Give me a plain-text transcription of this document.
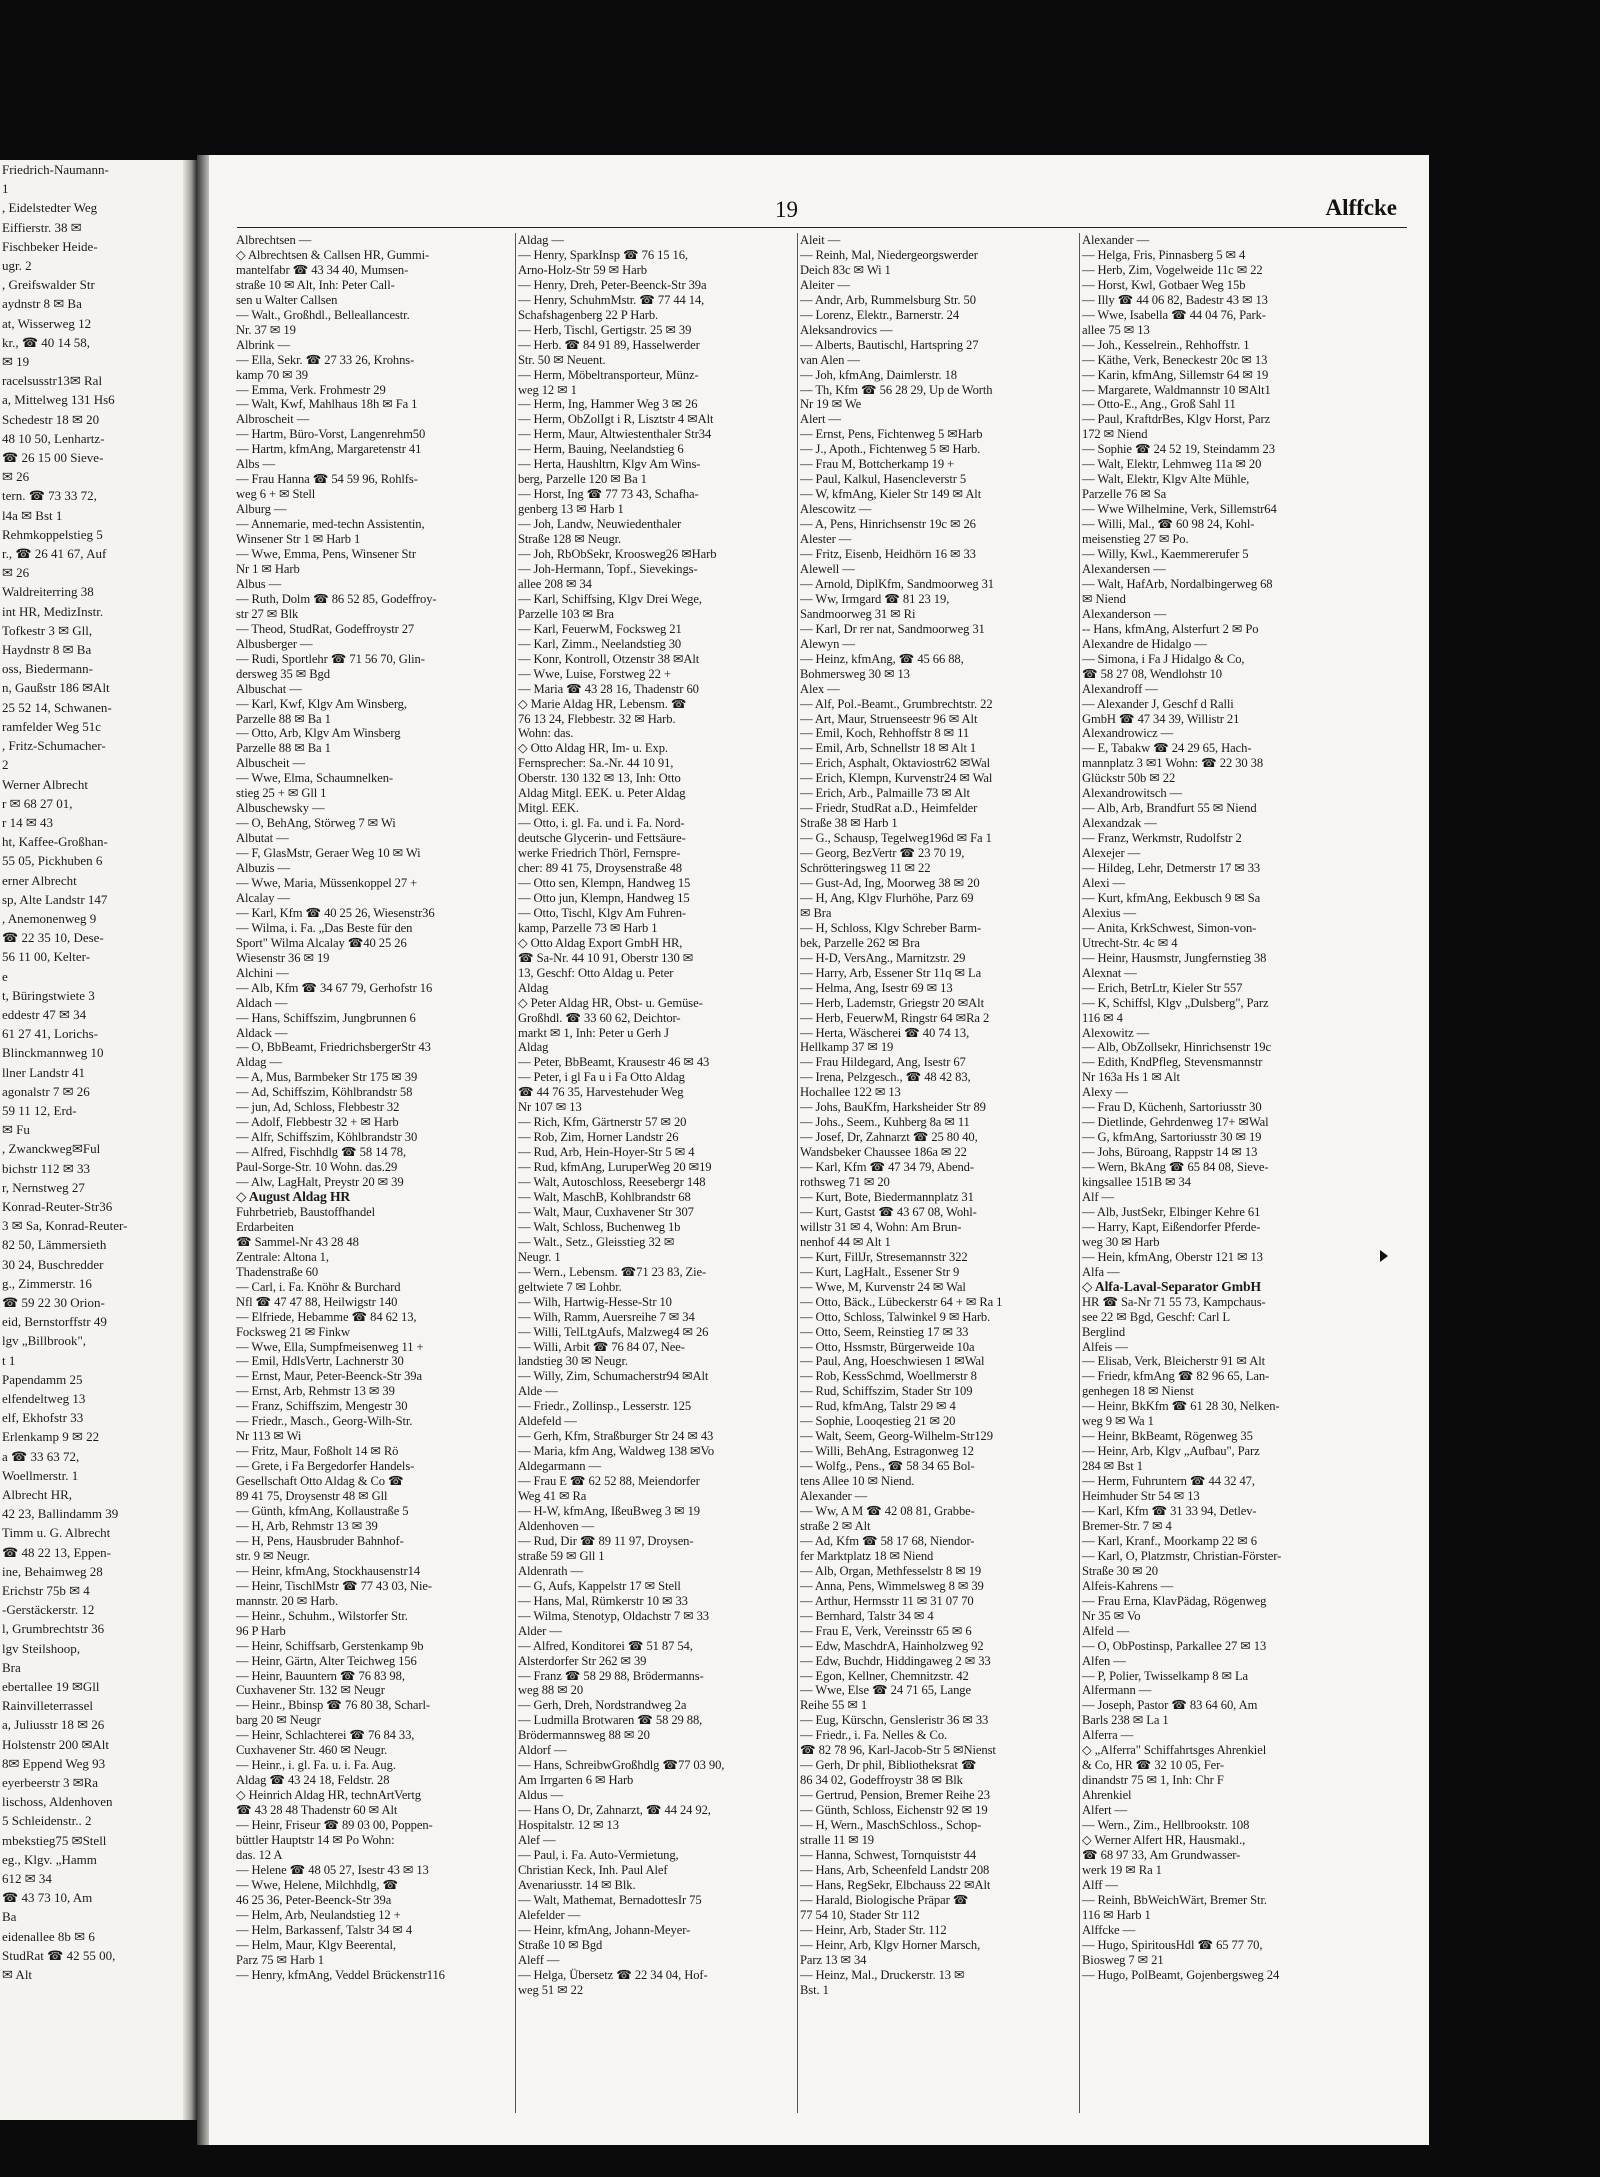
Friedrich-Naumann-
1
, Eidelstedter Weg
Eiffierstr. 38 ✉
Fischbeker Heide-
ugr. 2
, Greifswalder Str
aydnstr 8 ✉ Ba
at, Wisserweg 12
kr., ☎ 40 14 58,
✉ 19
racelsusstr13✉ Ral
a, Mittelweg 131 Hs6
Schedestr 18 ✉ 20
48 10 50, Lenhartz-
☎ 26 15 00 Sieve-
✉ 26
tern. ☎ 73 33 72,
l4a ✉ Bst 1
Rehmkoppelstieg 5
r., ☎ 26 41 67, Auf
✉ 26
Waldreiterring 38
int HR, MedizInstr.
Tofkestr 3 ✉ Gll,
Haydnstr 8 ✉ Ba
oss, Biedermann-
n, Gaußstr 186 ✉Alt
25 52 14, Schwanen-
ramfelder Weg 51c
, Fritz-Schumacher-
2
Werner Albrecht
r ✉ 68 27 01,
r 14 ✉ 43
ht, Kaffee-Großhan-
55 05, Pickhuben 6
erner Albrecht
sp, Alte Landstr 147
, Anemonenweg 9
☎ 22 35 10, Dese-
56 11 00, Kelter-
e
t, Büringstwiete 3
eddestr 47 ✉ 34
61 27 41, Lorichs-
Blinckmannweg 10
llner Landstr 41
agonalstr 7 ✉ 26
59 11 12, Erd-
✉ Fu
, Zwanckweg✉Ful
bichstr 112 ✉ 33
r, Nernstweg 27
Konrad-Reuter-Str36
3 ✉ Sa, Konrad-Reuter-
82 50, Lämmersieth
30 24, Buschredder
g., Zimmerstr. 16
☎ 59 22 30 Orion-
eid, Bernstorffstr 49
lgv „Billbrook",
t 1
Papendamm 25
elfendeltweg 13
elf, Ekhofstr 33
Erlenkamp 9 ✉ 22
a ☎ 33 63 72,
Woellmerstr. 1
Albrecht HR,
42 23, Ballindamm 39
Timm u. G. Albrecht
☎ 48 22 13, Eppen-
ine, Behaimweg 28
Erichstr 75b ✉ 4
-Gerstäckerstr. 12
l, Grumbrechtstr 36
lgv Steilshoop,
Bra
ebertallee 19 ✉Gll
Rainvilleterrassel
a, Juliusstr 18 ✉ 26
Holstenstr 200 ✉Alt
8✉ Eppend Weg 93
eyerbeerstr 3 ✉Ra
lischoss, Aldenhoven
5 Schleidenstr.. 2
mbekstieg75 ✉Stell
eg., Klgv. „Hamm
612 ✉ 34
☎ 43 73 10, Am
Ba
eidenallee 8b ✉ 6
StudRat ☎ 42 55 00,
✉ Alt
19	Alffcke
Albrechtsen —
◇ Albrechtsen & Callsen HR, Gummi-
mantelfabr ☎ 43 34 40, Mumsen-
straße 10 ✉ Alt, Inh: Peter Call-
sen u Walter Callsen
— Walt., Großhdl., Belleallancestr.
Nr. 37 ✉ 19
Albrink —
— Ella, Sekr. ☎ 27 33 26, Krohns-
kamp 70 ✉ 39
— Emma, Verk. Frohmestr 29
— Walt, Kwf, Mahlhaus 18h ✉ Fa 1
Albroscheit —
— Hartm, Büro-Vorst, Langenrehm50
— Hartm, kfmAng, Margaretenstr 41
Albs —
— Frau Hanna ☎ 54 59 96, Rohlfs-
weg 6 + ✉ Stell
Alburg —
— Annemarie, med-techn Assistentin,
Winsener Str 1 ✉ Harb 1
— Wwe, Emma, Pens, Winsener Str
Nr 1 ✉ Harb
Albus —
— Ruth, Dolm ☎ 86 52 85, Godeffroy-
str 27 ✉ Blk
— Theod, StudRat, Godeffroystr 27
Albusberger —
— Rudi, Sportlehr ☎ 71 56 70, Glin-
dersweg 35 ✉ Bgd
Albuschat —
— Karl, Kwf, Klgv Am Winsberg,
Parzelle 88 ✉ Ba 1
— Otto, Arb, Klgv Am Winsberg
Parzelle 88 ✉ Ba 1
Albuscheit —
— Wwe, Elma, Schaumnelken-
stieg 25 + ✉ Gll 1
Albuschewsky —
— O, BehAng, Störweg 7 ✉ Wi
Albutat —
— F, GlasMstr, Geraer Weg 10 ✉ Wi
Albuzis —
— Wwe, Maria, Müssenkoppel 27 +
Alcalay —
— Karl, Kfm ☎ 40 25 26, Wiesenstr36
— Wilma, i. Fa. „Das Beste für den
Sport" Wilma Alcalay ☎40 25 26
Wiesenstr 36 ✉ 19
Alchini —
— Alb, Kfm ☎ 34 67 79, Gerhofstr 16
Aldach —
— Hans, Schiffszim, Jungbrunnen 6
Aldack —
— O, BbBeamt, FriedrichsbergerStr 43
Aldag —
— A, Mus, Barmbeker Str 175 ✉ 39
— Ad, Schiffszim, Köhlbrandstr 58
— jun, Ad, Schloss, Flebbestr 32
— Adolf, Flebbestr 32 + ✉ Harb
— Alfr, Schiffszim, Köhlbrandstr 30
— Alfred, Fischhdlg ☎ 58 14 78,
Paul-Sorge-Str. 10 Wohn. das.29
— Alw, LagHalt, Preystr 20 ✉ 39
◇ August Aldag HR
Fuhrbetrieb, Baustoffhandel
Erdarbeiten
☎ Sammel-Nr 43 28 48
Zentrale: Altona 1,
Thadenstraße 60
— Carl, i. Fa. Knöhr & Burchard
Nfl ☎ 47 47 88, Heilwigstr 140
— Elfriede, Hebamme ☎ 84 62 13,
Focksweg 21 ✉ Finkw
— Wwe, Ella, Sumpfmeisenweg 11 +
— Emil, HdlsVertr, Lachnerstr 30
— Ernst, Maur, Peter-Beenck-Str 39a
— Ernst, Arb, Rehmstr 13 ✉ 39
— Franz, Schiffszim, Mengestr 30
— Friedr., Masch., Georg-Wilh-Str.
Nr 113 ✉ Wi
— Fritz, Maur, Foßholt 14 ✉ Rö
— Grete, i Fa Bergedorfer Handels-
Gesellschaft Otto Aldag & Co ☎
89 41 75, Droysenstr 48 ✉ Gll
— Günth, kfmAng, Kollaustraße 5
— H, Arb, Rehmstr 13 ✉ 39
— H, Pens, Hausbruder Bahnhof-
str. 9 ✉ Neugr.
— Heinr, kfmAng, Stockhausenstr14
— Heinr, TischlMstr ☎ 77 43 03, Nie-
mannstr. 20 ✉ Harb.
— Heinr., Schuhm., Wilstorfer Str.
96 P Harb
— Heinr, Schiffsarb, Gerstenkamp 9b
— Heinr, Gärtn, Alter Teichweg 156
— Heinr, Bauuntern ☎ 76 83 98,
Cuxhavener Str. 132 ✉ Neugr
— Heinr., Bbinsp ☎ 76 80 38, Scharl-
barg 20 ✉ Neugr
— Heinr, Schlachterei ☎ 76 84 33,
Cuxhavener Str. 460 ✉ Neugr.
— Heinr., i. gl. Fa. u. i. Fa. Aug.
Aldag ☎ 43 24 18, Feldstr. 28
◇ Heinrich Aldag HR, technArtVertg
☎ 43 28 48 Thadenstr 60 ✉ Alt
— Heinr, Friseur ☎ 89 03 00, Poppen-
büttler Hauptstr 14 ✉ Po Wohn:
das. 12 A
— Helene ☎ 48 05 27, Isestr 43 ✉ 13
— Wwe, Helene, Milchhdlg, ☎
46 25 36, Peter-Beenck-Str 39a
— Helm, Arb, Neulandstieg 12 +
— Helm, Barkassenf, Talstr 34 ✉ 4
— Helm, Maur, Klgv Beerental,
Parz 75 ✉ Harb 1
— Henry, kfmAng, Veddel Brückenstr116
Aldag —
— Henry, SparkInsp ☎ 76 15 16,
Arno-Holz-Str 59 ✉ Harb
— Henry, Dreh, Peter-Beenck-Str 39a
— Henry, SchuhmMstr. ☎ 77 44 14,
Schafshagenberg 22 P Harb.
— Herb, Tischl, Gertigstr. 25 ✉ 39
— Herb. ☎ 84 91 89, Hasselwerder
Str. 50 ✉ Neuent.
— Herm, Möbeltransporteur, Münz-
weg 12 ✉ 1
— Herm, Ing, Hammer Weg 3 ✉ 26
— Herm, ObZolIgt i R, Lisztstr 4 ✉Alt
— Herm, Maur, Altwiestenthaler Str34
— Herm, Bauing, Neelandstieg 6
— Herta, Haushltrn, Klgv Am Wins-
berg, Parzelle 120 ✉ Ba 1
— Horst, Ing ☎ 77 73 43, Schafha-
genberg 13 ✉ Harb 1
— Joh, Landw, Neuwiedenthaler
Straße 128 ✉ Neugr.
— Joh, RbObSekr, Kroosweg26 ✉Harb
— Joh-Hermann, Topf., Sievekings-
allee 208 ✉ 34
— Karl, Schiffsing, Klgv Drei Wege,
Parzelle 103 ✉ Bra
— Karl, FeuerwM, Focksweg 21
— Karl, Zimm., Neelandstieg 30
— Konr, Kontroll, Otzenstr 38 ✉Alt
— Wwe, Luise, Forstweg 22 +
— Maria ☎ 43 28 16, Thadenstr 60
◇ Marie Aldag HR, Lebensm. ☎
76 13 24, Flebbestr. 32 ✉ Harb.
Wohn: das.
◇ Otto Aldag HR, Im- u. Exp.
Fernsprecher: Sa.-Nr. 44 10 91,
Oberstr. 130 132 ✉ 13, Inh: Otto
Aldag Mitgl. EEK. u. Peter Aldag
Mitgl. EEK.
— Otto, i. gl. Fa. und i. Fa. Nord-
deutsche Glycerin- und Fettsäure-
werke Friedrich Thörl, Fernspre-
cher: 89 41 75, Droysenstraße 48
— Otto sen, Klempn, Handweg 15
— Otto jun, Klempn, Handweg 15
— Otto, Tischl, Klgv Am Fuhren-
kamp, Parzelle 73 ✉ Harb 1
◇ Otto Aldag Export GmbH HR,
☎ Sa-Nr. 44 10 91, Oberstr 130 ✉
13, Geschf: Otto Aldag u. Peter
Aldag
◇ Peter Aldag HR, Obst- u. Gemüse-
Großhdl. ☎ 33 60 62, Deichtor-
markt ✉ 1, Inh: Peter u Gerh J
Aldag
— Peter, BbBeamt, Krausestr 46 ✉ 43
— Peter, i gl Fa u i Fa Otto Aldag
☎ 44 76 35, Harvestehuder Weg
Nr 107 ✉ 13
— Rich, Kfm, Gärtnerstr 57 ✉ 20
— Rob, Zim, Horner Landstr 26
— Rud, Arb, Hein-Hoyer-Str 5 ✉ 4
— Rud, kfmAng, LuruperWeg 20 ✉19
— Walt, Autoschloss, Reesebergr 148
— Walt, MaschB, Kohlbrandstr 68
— Walt, Maur, Cuxhavener Str 307
— Walt, Schloss, Buchenweg 1b
— Walt., Setz., Gleisstieg 32 ✉
Neugr. 1
— Wern., Lebensm. ☎71 23 83, Zie-
geltwiete 7 ✉ Lohbr.
— Wilh, Hartwig-Hesse-Str 10
— Wilh, Ramm, Auersreihe 7 ✉ 34
— Willi, TelLtgAufs, Malzweg4 ✉ 26
— Willi, Arbit ☎ 76 84 07, Nee-
landstieg 30 ✉ Neugr.
— Willy, Zim, Schumacherstr94 ✉Alt
Alde —
— Friedr., Zollinsp., Lesserstr. 125
Aldefeld —
— Gerh, Kfm, Straßburger Str 24 ✉ 43
— Maria, kfm Ang, Waldweg 138 ✉Vo
Aldegarmann —
— Frau E ☎ 62 52 88, Meiendorfer
Weg 41 ✉ Ra
— H-W, kfmAng, IßeuBweg 3 ✉ 19
Aldenhoven —
— Rud, Dir ☎ 89 11 97, Droysen-
straße 59 ✉ Gll 1
Aldenrath —
— G, Aufs, Kappelstr 17 ✉ Stell
— Hans, Mal, Rümkerstr 10 ✉ 33
— Wilma, Stenotyp, Oldachstr 7 ✉ 33
Alder —
— Alfred, Konditorei ☎ 51 87 54,
Alsterdorfer Str 262 ✉ 39
— Franz ☎ 58 29 88, Brödermanns-
weg 88 ✉ 20
— Gerh, Dreh, Nordstrandweg 2a
— Ludmilla Brotwaren ☎ 58 29 88,
Brödermannsweg 88 ✉ 20
Aldorf —
— Hans, SchreibwGroßhdlg ☎77 03 90,
Am Irrgarten 6 ✉ Harb
Aldus —
— Hans O, Dr, Zahnarzt, ☎ 44 24 92,
Hospitalstr. 12 ✉ 13
Alef —
— Paul, i. Fa. Auto-Vermietung,
Christian Keck, Inh. Paul Alef
Avenariusstr. 14 ✉ Blk.
— Walt, Mathemat, BernadottesIr 75
Alefelder —
— Heinr, kfmAng, Johann-Meyer-
Straße 10 ✉ Bgd
Aleff —
— Helga, Übersetz ☎ 22 34 04, Hof-
weg 51 ✉ 22
Aleit —
— Reinh, Mal, Niedergeorgswerder
Deich 83c ✉ Wi 1
Aleiter —
— Andr, Arb, Rummelsburg Str. 50
— Lorenz, Elektr., Barnerstr. 24
Aleksandrovics —
— Alberts, Bautischl, Hartspring 27
van Alen —
— Joh, kfmAng, Daimlerstr. 18
— Th, Kfm ☎ 56 28 29, Up de Worth
Nr 19 ✉ We
Alert —
— Ernst, Pens, Fichtenweg 5 ✉Harb
— J., Apoth., Fichtenweg 5 ✉ Harb.
— Frau M, Bottcherkamp 19 +
— Paul, Kalkul, Hasencleverstr 5
— W, kfmAng, Kieler Str 149 ✉ Alt
Alescowitz —
— A, Pens, Hinrichsenstr 19c ✉ 26
Alester —
— Fritz, Eisenb, Heidhörn 16 ✉ 33
Alewell —
— Arnold, DiplKfm, Sandmoorweg 31
— Ww, Irmgard ☎ 81 23 19,
Sandmoorweg 31 ✉ Ri
— Karl, Dr rer nat, Sandmoorweg 31
Alewyn —
— Heinz, kfmAng, ☎ 45 66 88,
Bohmersweg 30 ✉ 13
Alex —
— Alf, Pol.-Beamt., Grumbrechtstr. 22
— Art, Maur, Struenseestr 96 ✉ Alt
— Emil, Koch, Rehhoffstr 8 ✉ 11
— Emil, Arb, Schnellstr 18 ✉ Alt 1
— Erich, Asphalt, Oktaviostr62 ✉Wal
— Erich, Klempn, Kurvenstr24 ✉ Wal
— Erich, Arb., Palmaille 73 ✉ Alt
— Friedr, StudRat a.D., Heimfelder
Straße 38 ✉ Harb 1
— G., Schausp, Tegelweg196d ✉ Fa 1
— Georg, BezVertr ☎ 23 70 19,
Schrötteringsweg 11 ✉ 22
— Gust-Ad, Ing, Moorweg 38 ✉ 20
— H, Ang, Klgv Flurhöhe, Parz 69
✉ Bra
— H, Schloss, Klgv Schreber Barm-
bek, Parzelle 262 ✉ Bra
— H-D, VersAng., Marnitzstr. 29
— Harry, Arb, Essener Str 11q ✉ La
— Helma, Ang, Isestr 69 ✉ 13
— Herb, Lademstr, Griegstr 20 ✉Alt
— Herb, FeuerwM, Ringstr 64 ✉Ra 2
— Herta, Wäscherei ☎ 40 74 13,
Hellkamp 37 ✉ 19
— Frau Hildegard, Ang, Isestr 67
— Irena, Pelzgesch., ☎ 48 42 83,
Hochallee 122 ✉ 13
— Johs, BauKfm, Harksheider Str 89
— Johs., Seem., Kuhberg 8a ✉ 11
— Josef, Dr, Zahnarzt ☎ 25 80 40,
Wandsbeker Chaussee 186a ✉ 22
— Karl, Kfm ☎ 47 34 79, Abend-
rothsweg 71 ✉ 20
— Kurt, Bote, Biedermannplatz 31
— Kurt, Gastst ☎ 43 67 08, Wohl-
willstr 31 ✉ 4, Wohn: Am Brun-
nenhof 44 ✉ Alt 1
— Kurt, FillJr, Stresemannstr 322
— Kurt, LagHalt., Essener Str 9
— Wwe, M, Kurvenstr 24 ✉ Wal
— Otto, Bäck., Lübeckerstr 64 + ✉ Ra 1
— Otto, Schloss, Talwinkel 9 ✉ Harb.
— Otto, Seem, Reinstieg 17 ✉ 33
— Otto, Hssmstr, Bürgerweide 10a
— Paul, Ang, Hoeschwiesen 1 ✉Wal
— Rob, KessSchmd, Woellmerstr 8
— Rud, Schiffszim, Stader Str 109
— Rud, kfmAng, Talstr 29 ✉ 4
— Sophie, Looqestieg 21 ✉ 20
— Walt, Seem, Georg-Wilhelm-Str129
— Willi, BehAng, Estragonweg 12
— Wolfg., Pens., ☎ 58 34 65 Bol-
tens Allee 10 ✉ Niend.
Alexander —
— Ww, A M ☎ 42 08 81, Grabbe-
straße 2 ✉ Alt
— Ad, Kfm ☎ 58 17 68, Niendor-
fer Marktplatz 18 ✉ Niend
— Alb, Organ, Methfesselstr 8 ✉ 19
— Anna, Pens, Wimmelsweg 8 ✉ 39
— Arthur, Hermsstr 11 ✉ 31 07 70
— Bernhard, Talstr 34 ✉ 4
— Frau E, Verk, Vereinsstr 65 ✉ 6
— Edw, MaschdrA, Hainholzweg 92
— Edw, Buchdr, Hiddingaweg 2 ✉ 33
— Egon, Kellner, Chemnitzstr. 42
— Wwe, Else ☎ 24 71 65, Lange
Reihe 55 ✉ 1
— Eug, Kürschn, Gensleristr 36 ✉ 33
— Friedr., i. Fa. Nelles & Co.
☎ 82 78 96, Karl-Jacob-Str 5 ✉Nienst
— Gerh, Dr phil, Bibliotheksrat ☎
86 34 02, Godeffroystr 38 ✉ Blk
— Gertrud, Pension, Bremer Reihe 23
— Günth, Schloss, Eichenstr 92 ✉ 19
— H, Wern., MaschSchloss., Schop-
stralle 11 ✉ 19
— Hanna, Schwest, Tornquiststr 44
— Hans, Arb, Scheenfeld Landstr 208
— Hans, RegSekr, Elbchauss 22 ✉Alt
— Harald, Biologische Präpar ☎
77 54 10, Stader Str 112
— Heinr, Arb, Stader Str. 112
— Heinr, Arb, Klgv Horner Marsch,
Parz 13 ✉ 34
— Heinz, Mal., Druckerstr. 13 ✉
Bst. 1
Alexander —
— Helga, Fris, Pinnasberg 5 ✉ 4
— Herb, Zim, Vogelweide 11c ✉ 22
— Horst, Kwl, Gotbaer Weg 15b
— Illy ☎ 44 06 82, Badestr 43 ✉ 13
— Wwe, Isabella ☎ 44 04 76, Park-
allee 75 ✉ 13
— Joh., Kesselrein., Rehhoffstr. 1
— Käthe, Verk, Beneckestr 20c ✉ 13
— Karin, kfmAng, Sillemstr 64 ✉ 19
— Margarete, Waldmannstr 10 ✉Alt1
— Otto-E., Ang., Groß Sahl 11
— Paul, KraftdrBes, Klgv Horst, Parz
172 ✉ Niend
— Sophie ☎ 24 52 19, Steindamm 23
— Walt, Elektr, Lehmweg 11a ✉ 20
— Walt, Elektr, Klgv Alte Mühle,
Parzelle 76 ✉ Sa
— Wwe Wilhelmine, Verk, Sillemstr64
— Willi, Mal., ☎ 60 98 24, Kohl-
meisenstieg 27 ✉ Po.
— Willy, Kwl., Kaemmererufer 5
Alexandersen —
— Walt, HafArb, Nordalbingerweg 68
✉ Niend
Alexanderson —
-- Hans, kfmAng, Alsterfurt 2 ✉ Po
Alexandre de Hidalgo —
— Simona, i Fa J Hidalgo & Co,
☎ 58 27 08, Wendlohstr 10
Alexandroff —
— Alexander J, Geschf d Ralli
GmbH ☎ 47 34 39, Willistr 21
Alexandrowicz —
— E, Tabakw ☎ 24 29 65, Hach-
mannplatz 3 ✉1 Wohn: ☎ 22 30 38
Glückstr 50b ✉ 22
Alexandrowitsch —
— Alb, Arb, Brandfurt 55 ✉ Niend
Alexandzak —
— Franz, Werkmstr, Rudolfstr 2
Alexejer —
— Hildeg, Lehr, Detmerstr 17 ✉ 33
Alexi —
— Kurt, kfmAng, Eekbusch 9 ✉ Sa
Alexius —
— Anita, KrkSchwest, Simon-von-
Utrecht-Str. 4c ✉ 4
— Heinr, Hausmstr, Jungfernstieg 38
Alexnat —
— Erich, BetrLtr, Kieler Str 557
— K, Schiffsl, Klgv „Dulsberg", Parz
116 ✉ 4
Alexowitz —
— Alb, ObZollsekr, Hinrichsenstr 19c
— Edith, KndPfleg, Stevensmannstr
Nr 163a Hs 1 ✉ Alt
Alexy —
— Frau D, Küchenh, Sartoriusstr 30
— Dietlinde, Gehrdenweg 17+ ✉Wal
— G, kfmAng, Sartoriusstr 30 ✉ 19
— Johs, Büroang, Rappstr 14 ✉ 13
— Wern, BkAng ☎ 65 84 08, Sieve-
kingsallee 151B ✉ 34
Alf —
— Alb, JustSekr, Elbinger Kehre 61
— Harry, Kapt, Eißendorfer Pferde-
weg 30 ✉ Harb
— Hein, kfmAng, Oberstr 121 ✉ 13
Alfa —
◇ Alfa-Laval-Separator GmbH
HR ☎ Sa-Nr 71 55 73, Kampchaus-
see 22 ✉ Bgd, Geschf: Carl L
Berglind
Alfeis —
— Elisab, Verk, Bleicherstr 91 ✉ Alt
— Friedr, kfmAng ☎ 82 96 65, Lan-
genhegen 18 ✉ Nienst
— Heinr, BkKfm ☎ 61 28 30, Nelken-
weg 9 ✉ Wa 1
— Heinr, BkBeamt, Rögenweg 35
— Heinr, Arb, Klgv „Aufbau", Parz
284 ✉ Bst 1
— Herm, Fuhruntern ☎ 44 32 47,
Heimhuder Str 54 ✉ 13
— Karl, Kfm ☎ 31 33 94, Detlev-
Bremer-Str. 7 ✉ 4
— Karl, Kranf., Moorkamp 22 ✉ 6
— Karl, O, Platzmstr, Christian-Förster-
Straße 30 ✉ 20
Alfeis-Kahrens —
— Frau Erna, KlavPädag, Rögenweg
Nr 35 ✉ Vo
Alfeld —
— O, ObPostinsp, Parkallee 27 ✉ 13
Alfen —
— P, Polier, Twisselkamp 8 ✉ La
Alfermann —
— Joseph, Pastor ☎ 83 64 60, Am
Barls 238 ✉ La 1
Alferra —
◇ „Alferra" Schiffahrtsges Ahrenkiel
& Co, HR ☎ 32 10 05, Fer-
dinandstr 75 ✉ 1, Inh: Chr F
Ahrenkiel
Alfert —
— Wern., Zim., Hellbrookstr. 108
◇ Werner Alfert HR, Hausmakl.,
☎ 68 97 33, Am Grundwasser-
werk 19 ✉ Ra 1
Alff —
— Reinh, BbWeichWärt, Bremer Str.
116 ✉ Harb 1
Alffcke —
— Hugo, SpiritousHdl ☎ 65 77 70,
Biosweg 7 ✉ 21
— Hugo, PolBeamt, Gojenbergsweg 24
